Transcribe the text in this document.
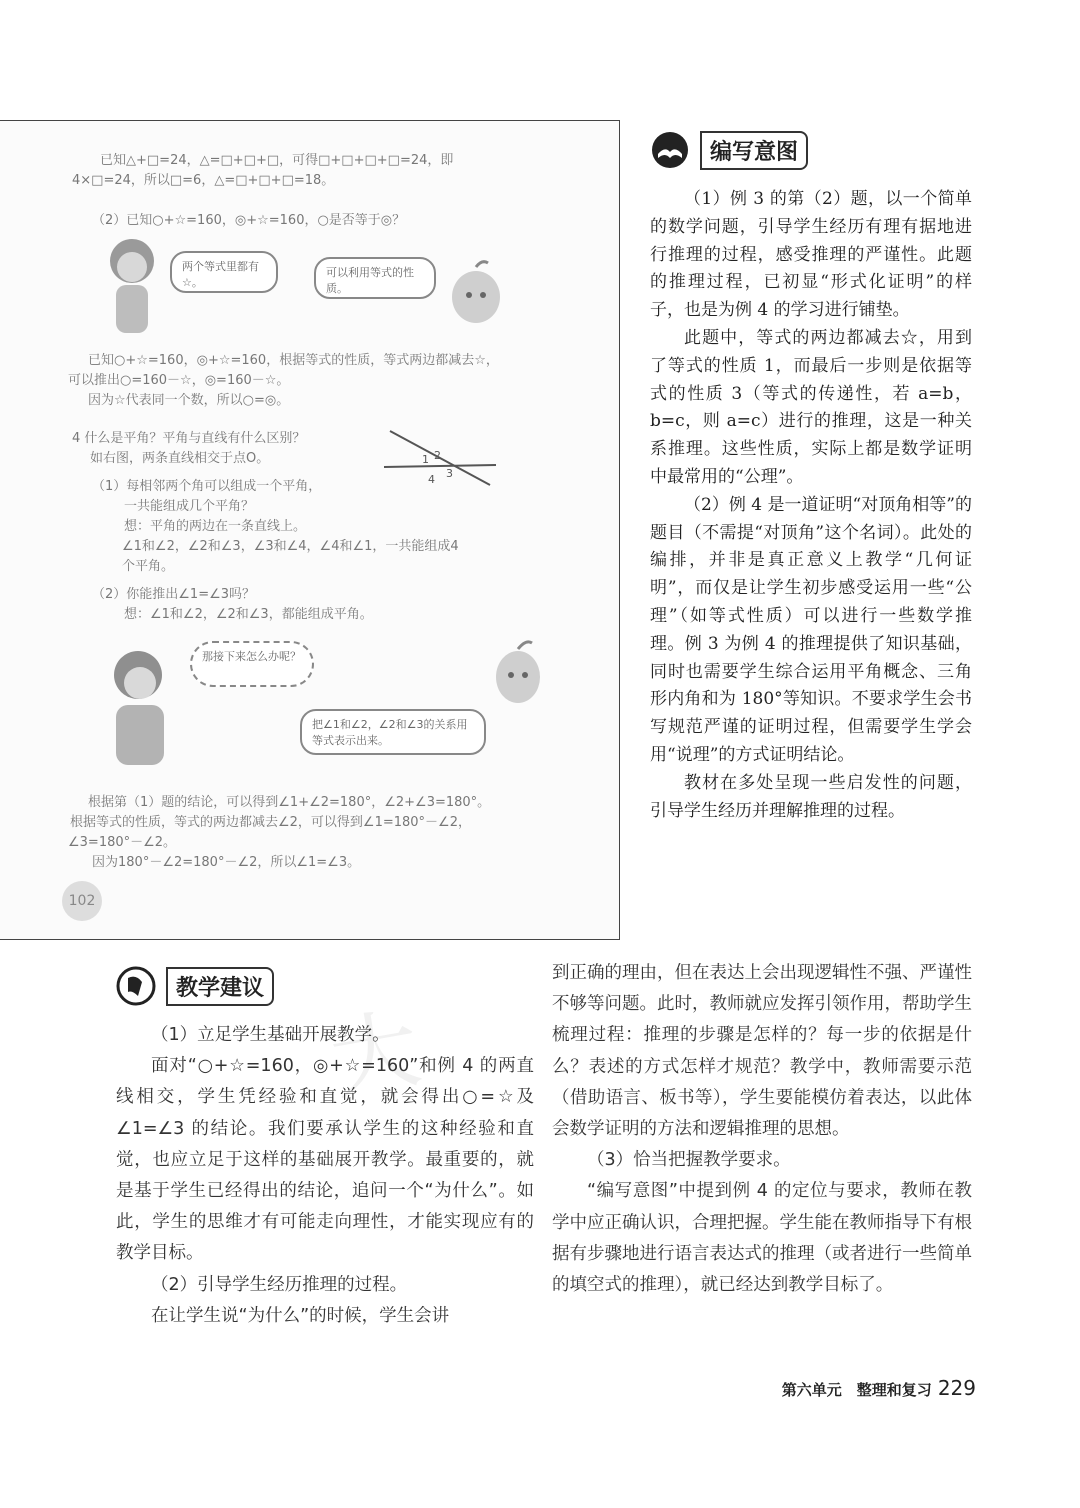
大
已知△+□=24，△=□+□+□，可得□+□+□+□=24，即
4×□=24，所以□=6，△=□+□+□=18。
（2）已知○+☆=160，◎+☆=160，○是否等于◎？
两个等式里都有☆。
可以利用等式的性质。
已知○+☆=160，◎+☆=160，根据等式的性质，等式两边都减去☆，
可以推出○=160－☆，◎=160－☆。
因为☆代表同一个数，所以○=◎。
4 什么是平角？平角与直线有什么区别？
如右图，两条直线相交于点O。	1 2
3
4
（1）每相邻两个角可以组成一个平角，
一共能组成几个平角？
想：平角的两边在一条直线上。
∠1和∠2，∠2和∠3，∠3和∠4，∠4和∠1，一共能组成4
个平角。
（2）你能推出∠1=∠3吗？
想：∠1和∠2，∠2和∠3，都能组成平角。
那接下来怎么办呢？
把∠1和∠2，∠2和∠3的关系用等式表示出来。
根据第（1）题的结论，可以得到∠1+∠2=180°，∠2+∠3=180°。
根据等式的性质，等式的两边都减去∠2，可以得到∠1=180°－∠2，
∠3=180°－∠2。
因为180°－∠2=180°－∠2，所以∠1=∠3。
102
编写意图

（1）例 3 的第（2）题，以一个简单的数学问题，引导学生经历有理有据地进行推理的过程，感受推理的严谨性。此题的推理过程，已初显“形式化证明”的样子，也是为例 4 的学习进行铺垫。

此题中，等式的两边都减去☆，用到了等式的性质 1，而最后一步则是依据等式的性质 3（等式的传递性，若 a=b，b=c，则 a=c）进行的推理，这是一种关系推理。这些性质，实际上都是数学证明中最常用的“公理”。

（2）例 4 是一道证明“对顶角相等”的题目（不需提“对顶角”这个名词）。此处的编排，并非是真正意义上教学“几何证明”，而仅是让学生初步感受运用一些“公理”（如等式性质）可以进行一些数学推理。例 3 为例 4 的推理提供了知识基础，同时也需要学生综合运用平角概念、三角形内角和为 180°等知识。不要求学生会书写规范严谨的证明过程，但需要学生学会用“说理”的方式证明结论。

教材在多处呈现一些启发性的问题，引导学生经历并理解推理的过程。

教学建议

（1）立足学生基础开展教学。

面对“○+☆=160，◎+☆=160”和例 4 的两直线相交，学生凭经验和直觉，就会得出○=☆及∠1=∠3 的结论。我们要承认学生的这种经验和直觉，也应立足于这样的基础展开教学。最重要的，就是基于学生已经得出的结论，追问一个“为什么”。如此，学生的思维才有可能走向理性，才能实现应有的教学目标。

（2）引导学生经历推理的过程。

在让学生说“为什么”的时候，学生会讲

到正确的理由，但在表达上会出现逻辑性不强、严谨性不够等问题。此时，教师就应发挥引领作用，帮助学生梳理过程：推理的步骤是怎样的？每一步的依据是什么？表述的方式怎样才规范？教学中，教师需要示范（借助语言、板书等），学生要能模仿着表达，以此体会数学证明的方法和逻辑推理的思想。

（3）恰当把握教学要求。

“编写意图”中提到例 4 的定位与要求，教师在教学中应正确认识，合理把握。学生能在教师指导下有根据有步骤地进行语言表达式的推理（或者进行一些简单的填空式的推理），就已经达到教学目标了。

第六单元　整理和复习 229
